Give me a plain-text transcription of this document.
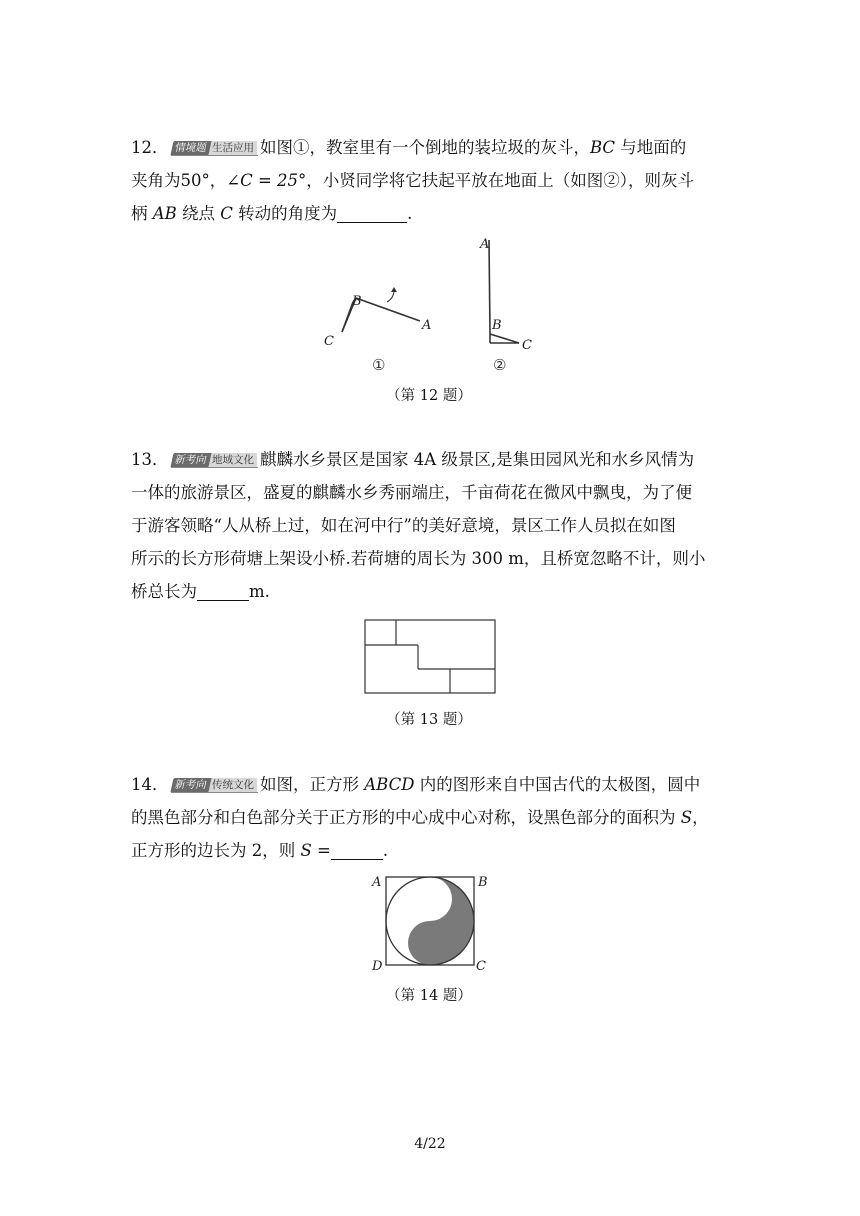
12． 情境题 生活应用 如图①，教室里有一个倒地的装垃圾的灰斗，BC 与地面的
夹角为50°，∠C = 25°，小贤同学将它扶起平放在地面上（如图②），则灰斗
柄 AB 绕点 C 转动的角度为	.
B
C
A
①
A
B
C
②
（第 12 题）
13． 新考向 地域文化 麒麟水乡景区是国家 4A 级景区,是集田园风光和水乡风情为
一体的旅游景区，盛夏的麒麟水乡秀丽端庄，千亩荷花在微风中飘曳，为了便
于游客领略“人从桥上过，如在河中行”的美好意境，景区工作人员拟在如图
所示的长方形荷塘上架设小桥.若荷塘的周长为 300 m，且桥宽忽略不计，则小
桥总长为	m.
（第 13 题）
14． 新考向 传统文化 如图，正方形 ABCD 内的图形来自中国古代的太极图，圆中
的黑色部分和白色部分关于正方形的中心成中心对称，设黑色部分的面积为 S，
正方形的边长为 2，则 S =	.
A	B
D	C
（第 14 题）
4/22
